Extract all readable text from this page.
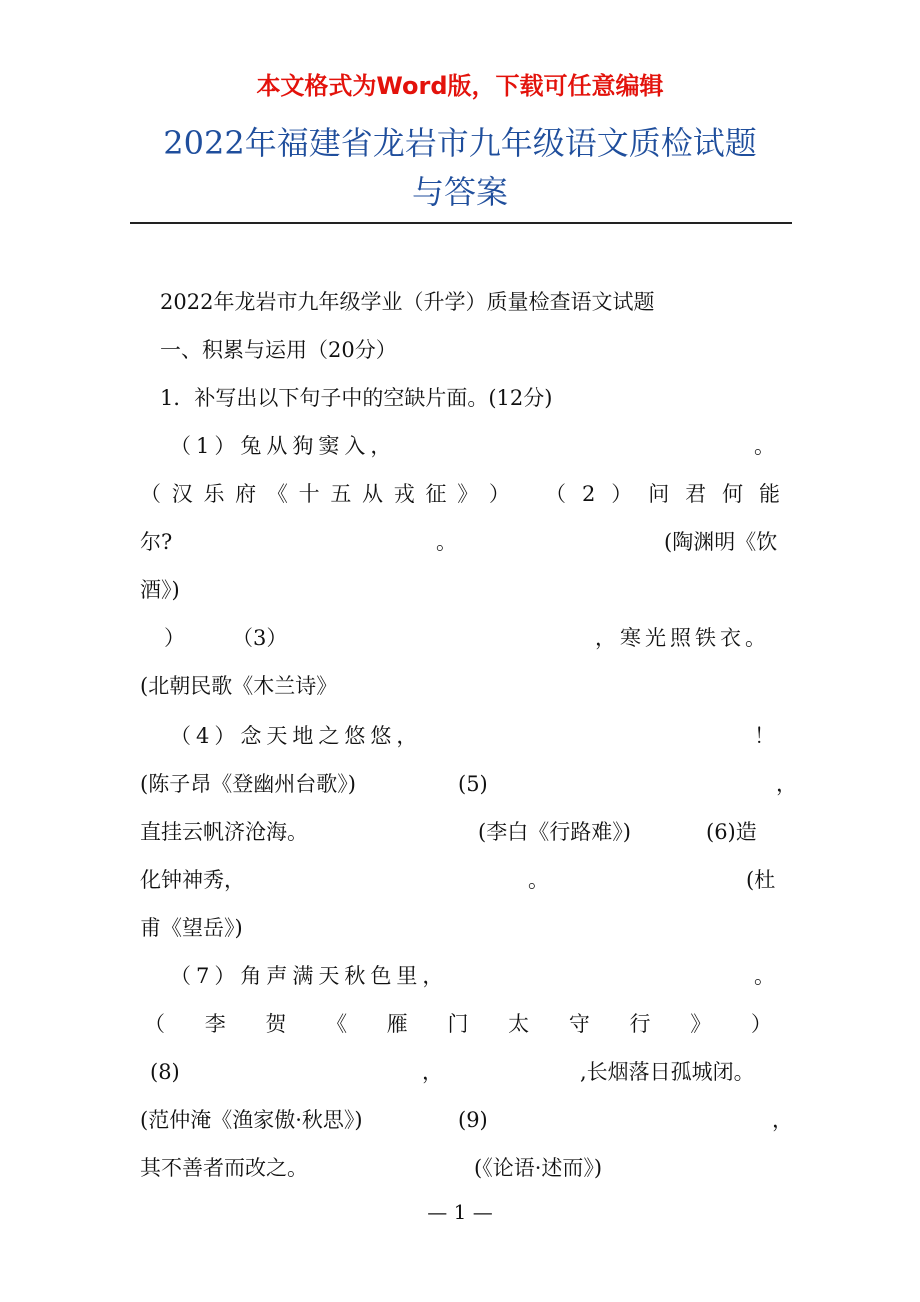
本文格式为Word版，下载可任意编辑
2022年福建省龙岩市九年级语文质检试题
与答案
2022年龙岩市九年级学业（升学）质量检查语文试题
一、积累与运用（20分）
1．补写出以下句子中的空缺片面。(12分)
（1）兔从狗窦入，	。
（ 汉 乐 府 《 十 五 从 戎 征 》 ） （ 2 ） 问 君 何 能
尔?	。	(陶渊明《饮
酒》)
） （3）	，寒光照铁衣。
(北朝民歌《木兰诗》
（4）念天地之悠悠，	！
(陈子昂《登幽州台歌》)	(5)	，
直挂云帆济沧海。	(李白《行路难》)	(6)造
化钟神秀，	。	(杜
甫《望岳》)
（7）角声满天秋色里，	。
（ 李 贺 《 雁 门 太 守 行 》 ）
(8)	，	,长烟落日孤城闭。
(范仲淹《渔家傲·秋思》)	(9)	，
其不善者而改之。	(《论语·述而》)
— 1 —
